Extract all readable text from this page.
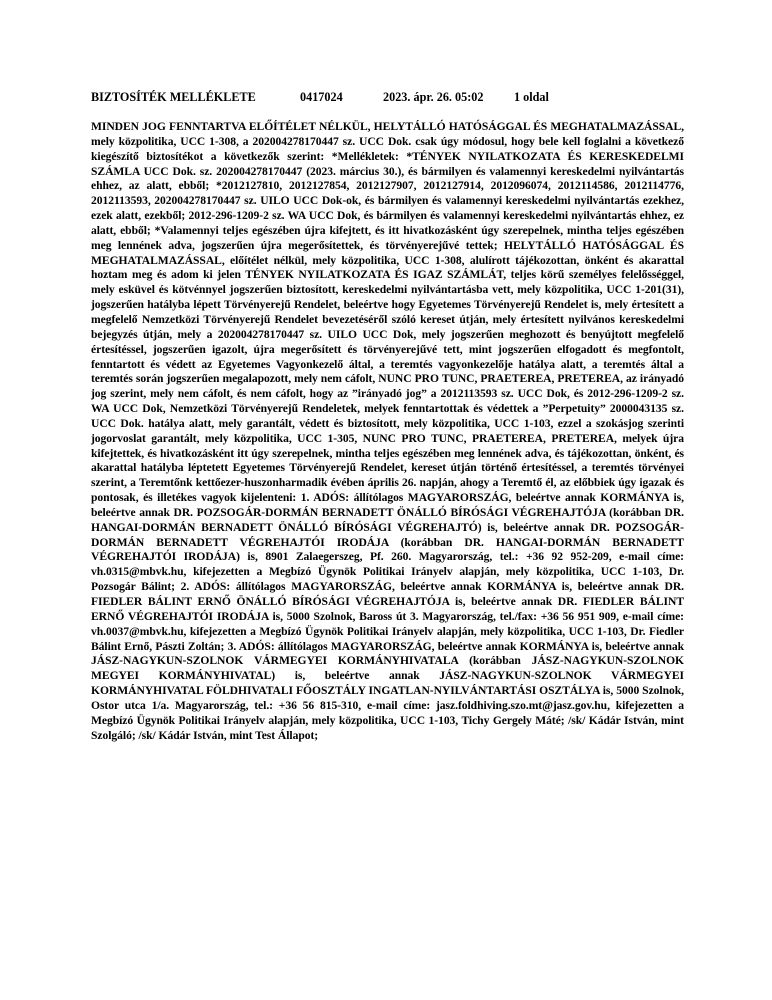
BIZTOSÍTÉK MELLÉKLETE	0417024	2023. ápr. 26. 05:02	1 oldal
MINDEN JOG FENNTARTVA ELŐÍTÉLET NÉLKÜL, HELYTÁLLÓ HATÓSÁGGAL ÉS MEGHATALMAZÁSSAL, mely közpolitika, UCC 1-308, a 202004278170447 sz. UCC Dok. csak úgy módosul, hogy bele kell foglalni a következő kiegészítő biztosítékot a következők szerint: *Mellékletek: *TÉNYEK NYILATKOZATA ÉS KERESKEDELMI SZÁMLA UCC Dok. sz. 202004278170447 (2023. március 30.), és bármilyen és valamennyi kereskedelmi nyilvántartás ehhez, az alatt, ebből; *2012127810, 2012127854, 2012127907, 2012127914, 2012096074, 2012114586, 2012114776, 2012113593, 202004278170447 sz. UILO UCC Dok-ok, és bármilyen és valamennyi kereskedelmi nyilvántartás ezekhez, ezek alatt, ezekből; 2012-296-1209-2 sz. WA UCC Dok, és bármilyen és valamennyi kereskedelmi nyilvántartás ehhez, ez alatt, ebből; *Valamennyi teljes egészében újra kifejtett, és itt hivatkozásként úgy szerepelnek, mintha teljes egészében meg lennének adva, jogszerűen újra megerősítettek, és törvényerejűvé tettek; HELYTÁLLÓ HATÓSÁGGAL ÉS MEGHATALMAZÁSSAL, előítélet nélkül, mely közpolitika, UCC 1-308, alulírott tájékozottan, önként és akarattal hoztam meg és adom ki jelen TÉNYEK NYILATKOZATA ÉS IGAZ SZÁMLÁT, teljes körű személyes felelősséggel, mely esküvel és kötvénnyel jogszerűen biztosított, kereskedelmi nyilvántartásba vett, mely közpolitika, UCC 1-201(31), jogszerűen hatályba lépett Törvényerejű Rendelet, beleértve hogy Egyetemes Törvényerejű Rendelet is, mely értesített a megfelelő Nemzetközi Törvényerejű Rendelet bevezetéséről szóló kereset útján, mely értesített nyilvános kereskedelmi bejegyzés útján, mely a 202004278170447 sz. UILO UCC Dok, mely jogszerűen meghozott és benyújtott megfelelő értesítéssel, jogszerűen igazolt, újra megerősített és törvényerejűvé tett, mint jogszerűen elfogadott és megfontolt, fenntartott és védett az Egyetemes Vagyonkezelő által, a teremtés vagyonkezelője hatálya alatt, a teremtés által a teremtés során jogszerűen megalapozott, mely nem cáfolt, NUNC PRO TUNC, PRAETEREA, PRETEREA, az irányadó jog szerint, mely nem cáfolt, és nem cáfolt, hogy az ”irányadó jog” a 2012113593 sz. UCC Dok, és 2012-296-1209-2 sz. WA UCC Dok, Nemzetközi Törvényerejű Rendeletek, melyek fenntartottak és védettek a ”Perpetuity” 2000043135 sz. UCC Dok. hatálya alatt, mely garantált, védett és biztosított, mely közpolitika, UCC 1-103, ezzel a szokásjog szerinti jogorvoslat garantált, mely közpolitika, UCC 1-305, NUNC PRO TUNC, PRAETEREA, PRETEREA, melyek újra kifejtettek, és hivatkozásként itt úgy szerepelnek, mintha teljes egészében meg lennének adva, és tájékozottan, önként, és akarattal hatályba léptetett Egyetemes Törvényerejű Rendelet, kereset útján történő értesítéssel, a teremtés törvényei szerint, a Teremtőnk kettőezer-huszonharmadik évében április 26. napján, ahogy a Teremtő él, az előbbiek úgy igazak és pontosak, és illetékes vagyok kijelenteni: 1. ADÓS: állítólagos MAGYARORSZÁG, beleértve annak KORMÁNYA is, beleértve annak DR. POZSOGÁR-DORMÁN BERNADETT ÖNÁLLÓ BÍRÓSÁGI VÉGREHAJTÓJA (korábban DR. HANGAI-DORMÁN BERNADETT ÖNÁLLÓ BÍRÓSÁGI VÉGREHAJTÓ) is, beleértve annak DR. POZSOGÁR-DORMÁN BERNADETT VÉGREHAJTÓI IRODÁJA (korábban DR. HANGAI-DORMÁN BERNADETT VÉGREHAJTÓI IRODÁJA) is, 8901 Zalaegerszeg, Pf. 260. Magyarország, tel.: +36 92 952-209, e-mail címe: vh.0315@mbvk.hu, kifejezetten a Megbízó Ügynök Politikai Irányelv alapján, mely közpolitika, UCC 1-103, Dr. Pozsogár Bálint; 2. ADÓS: állítólagos MAGYARORSZÁG, beleértve annak KORMÁNYA is, beleértve annak DR. FIEDLER BÁLINT ERNŐ ÖNÁLLÓ BÍRÓSÁGI VÉGREHAJTÓJA is, beleértve annak DR. FIEDLER BÁLINT ERNŐ VÉGREHAJTÓI IRODÁJA is, 5000 Szolnok, Baross út 3. Magyarország, tel./fax: +36 56 951 909, e-mail címe: vh.0037@mbvk.hu, kifejezetten a Megbízó Ügynök Politikai Irányelv alapján, mely közpolitika, UCC 1-103, Dr. Fiedler Bálint Ernő, Pászti Zoltán; 3. ADÓS: állítólagos MAGYARORSZÁG, beleértve annak KORMÁNYA is, beleértve annak JÁSZ-NAGYKUN-SZOLNOK VÁRMEGYEI KORMÁNYHIVATALA (korábban JÁSZ-NAGYKUN-SZOLNOK MEGYEI KORMÁNYHIVATAL) is, beleértve annak JÁSZ-NAGYKUN-SZOLNOK VÁRMEGYEI KORMÁNYHIVATAL FÖLDHIVATALI FŐOSZTÁLY INGATLAN-NYILVÁNTARTÁSI OSZTÁLYA is, 5000 Szolnok, Ostor utca 1/a. Magyarország, tel.: +36 56 815-310, e-mail címe: jasz.foldhiving.szo.mt@jasz.gov.hu, kifejezetten a Megbízó Ügynök Politikai Irányelv alapján, mely közpolitika, UCC 1-103, Tichy Gergely Máté; /sk/ Kádár István, mint Szolgáló; /sk/ Kádár István, mint Test Állapot;
